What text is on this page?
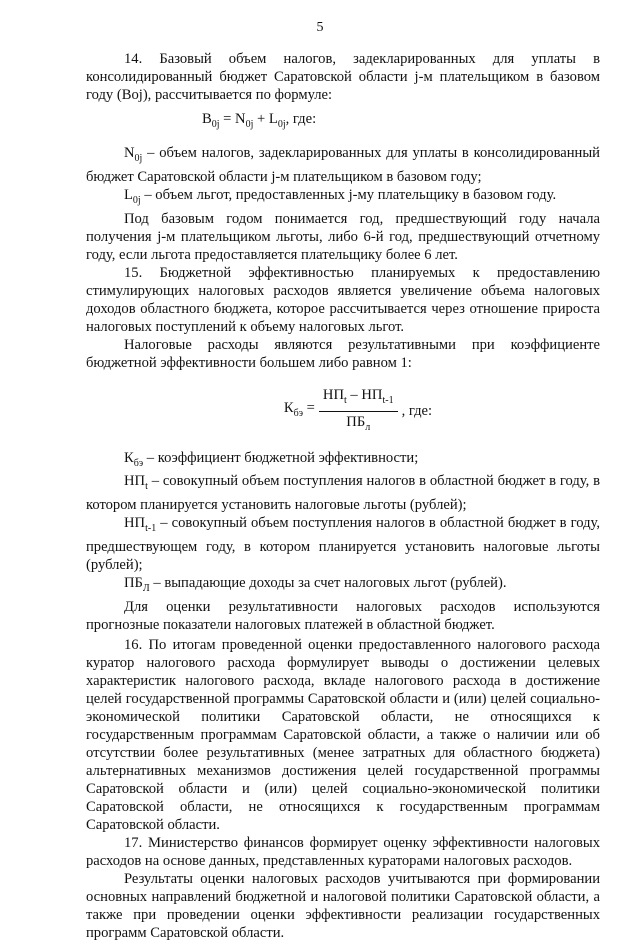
5

14. Базовый объем налогов, задекларированных для уплаты в консолидированный бюджет Саратовской области j-м плательщиком в базовом году (Boj), рассчитывается по формуле:

$B_{0j} = N_{0j} + L_{0j}$, где:

$N_{0j}$ – объем налогов, задекларированных для уплаты в консолидированный бюджет Саратовской области j-м плательщиком в базовом году;

$L_{0j}$ – объем льгот, предоставленных j-му плательщику в базовом году.

Под базовым годом понимается год, предшествующий году начала получения j-м плательщиком льготы, либо 6-й год, предшествующий отчетному году, если льгота предоставляется плательщику более 6 лет.

15. Бюджетной эффективностью планируемых к предоставлению стимулирующих налоговых расходов является увеличение объема налоговых доходов областного бюджета, которое рассчитывается через отношение прироста налоговых поступлений к объему налоговых льгот.

Налоговые расходы являются результативными при коэффициенте бюджетной эффективности большем либо равном 1:

$К_{бэ} = \frac{НП_t - НП_{t-1}}{ПБ_л}$ , где:

$К_{бэ}$ – коэффициент бюджетной эффективности;

$НП_t$ – совокупный объем поступления налогов в областной бюджет в году, в котором планируется установить налоговые льготы (рублей);

$НП_{t-1}$ – совокупный объем поступления налогов в областной бюджет в году, предшествующем году, в котором планируется установить налоговые льготы (рублей);

$ПБ_Л$ – выпадающие доходы за счет налоговых льгот (рублей).

Для оценки результативности налоговых расходов используются прогнозные показатели налоговых платежей в областной бюджет.

16. По итогам проведенной оценки предоставленного налогового расхода куратор налогового расхода формулирует выводы о достижении целевых характеристик налогового расхода, вкладе налогового расхода в достижение целей государственной программы Саратовской области и (или) целей социально-экономической политики Саратовской области, не относящихся к государственным программам Саратовской области, а также о наличии или об отсутствии более результативных (менее затратных для областного бюджета) альтернативных механизмов достижения целей государственной программы Саратовской области и (или) целей социально-экономической политики Саратовской области, не относящихся к государственным программам Саратовской области.

17. Министерство финансов формирует оценку эффективности налоговых расходов на основе данных, представленных кураторами налоговых расходов.

Результаты оценки налоговых расходов учитываются при формировании основных направлений бюджетной и налоговой политики Саратовской области, а также при проведении оценки эффективности реализации государственных программ Саратовской области.
